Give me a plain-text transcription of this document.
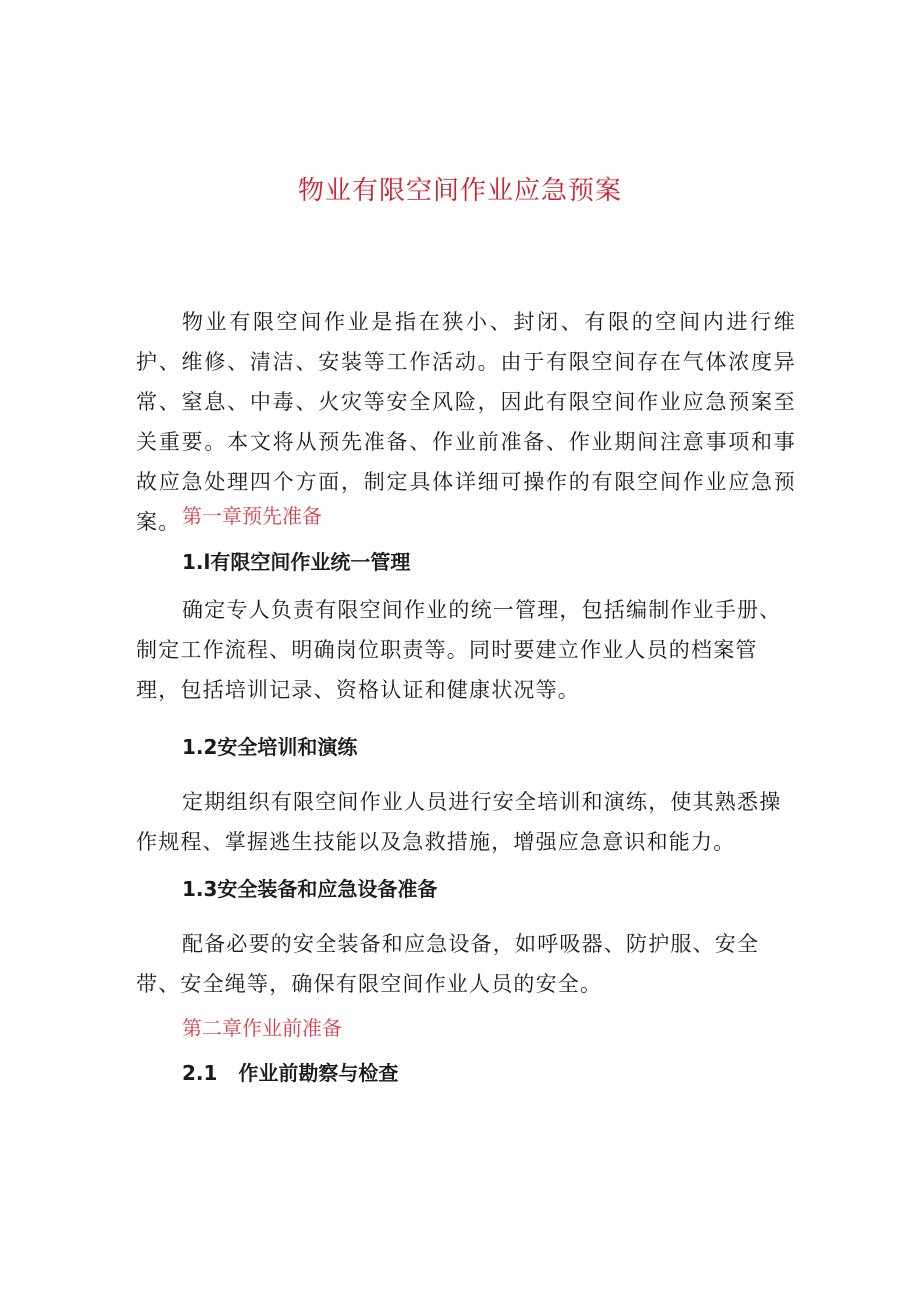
物业有限空间作业应急预案
物业有限空间作业是指在狭小、封闭、有限的空间内进行维护、维修、清洁、安装等工作活动。由于有限空间存在气体浓度异常、窒息、中毒、火灾等安全风险，因此有限空间作业应急预案至关重要。本文将从预先准备、作业前准备、作业期间注意事项和事故应急处理四个方面，制定具体详细可操作的有限空间作业应急预案。 第一章预先准备
1.l有限空间作业统一管理
确定专人负责有限空间作业的统一管理，包括编制作业手册、制定工作流程、明确岗位职责等。同时要建立作业人员的档案管理，包括培训记录、资格认证和健康状况等。
1.2安全培训和演练
定期组织有限空间作业人员进行安全培训和演练，使其熟悉操作规程、掌握逃生技能以及急救措施，增强应急意识和能力。
1.3安全装备和应急设备准备
配备必要的安全装备和应急设备，如呼吸器、防护服、安全带、安全绳等，确保有限空间作业人员的安全。
第二章作业前准备
2.1   作业前勘察与检查
